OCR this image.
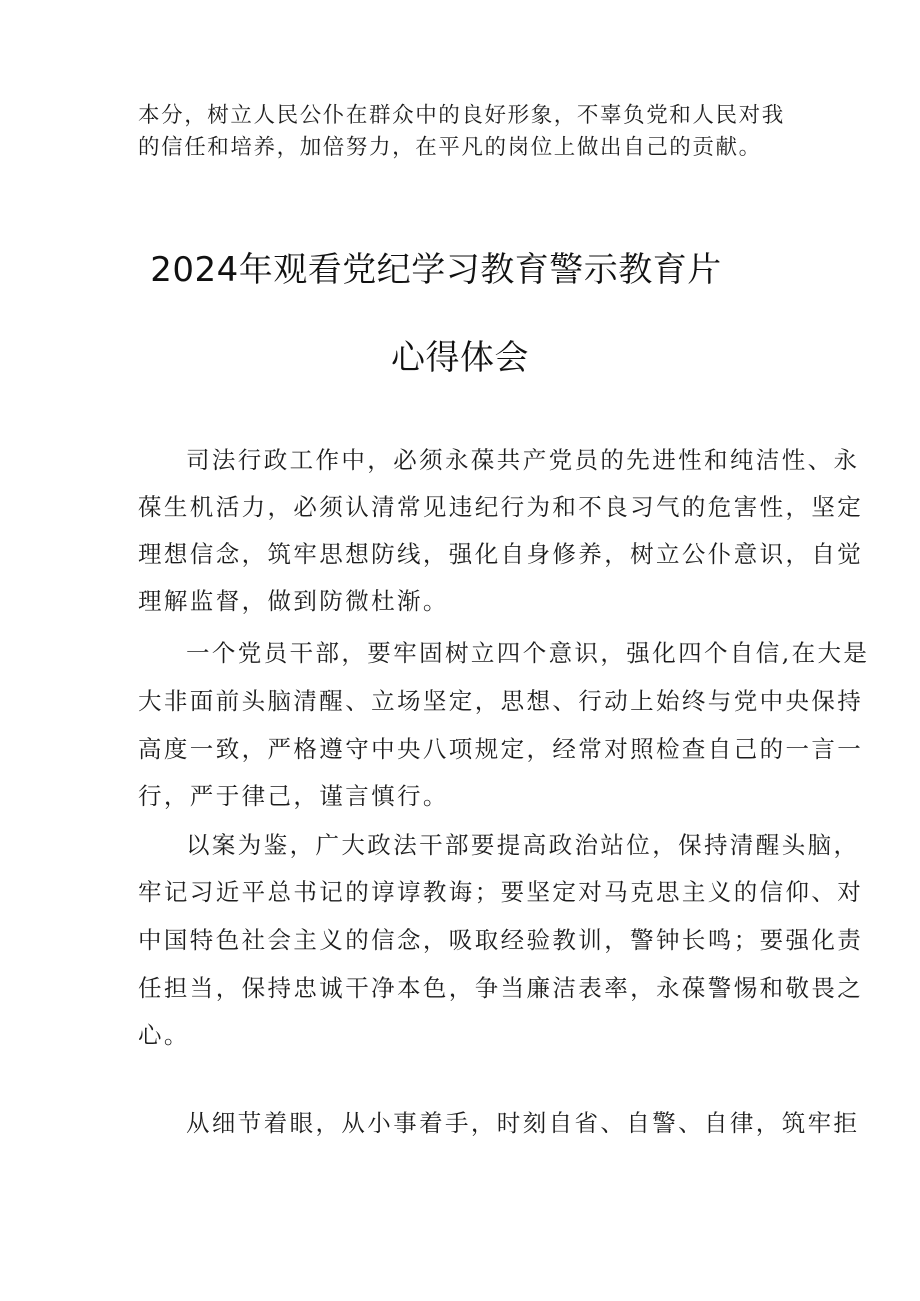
本分，树立人民公仆在群众中的良好形象，不辜负党和人民对我

的信任和培养，加倍努力，在平凡的岗位上做出自己的贡献。

2024年观看党纪学习教育警示教育片
心得体会

司法行政工作中，必须永葆共产党员的先进性和纯洁性、永

葆生机活力，必须认清常见违纪行为和不良习气的危害性，坚定

理想信念，筑牢思想防线，强化自身修养，树立公仆意识，自觉

理解监督，做到防微杜渐。

一个党员干部，要牢固树立四个意识，强化四个自信,在大是

大非面前头脑清醒、立场坚定，思想、行动上始终与党中央保持

高度一致，严格遵守中央八项规定，经常对照检查自己的一言一

行，严于律己，谨言慎行。

以案为鉴，广大政法干部要提高政治站位，保持清醒头脑，

牢记习近平总书记的谆谆教诲；要坚定对马克思主义的信仰、对

中国特色社会主义的信念，吸取经验教训，警钟长鸣；要强化责

任担当，保持忠诚干净本色，争当廉洁表率，永葆警惕和敬畏之

心。

从细节着眼，从小事着手，时刻自省、自警、自律，筑牢拒
